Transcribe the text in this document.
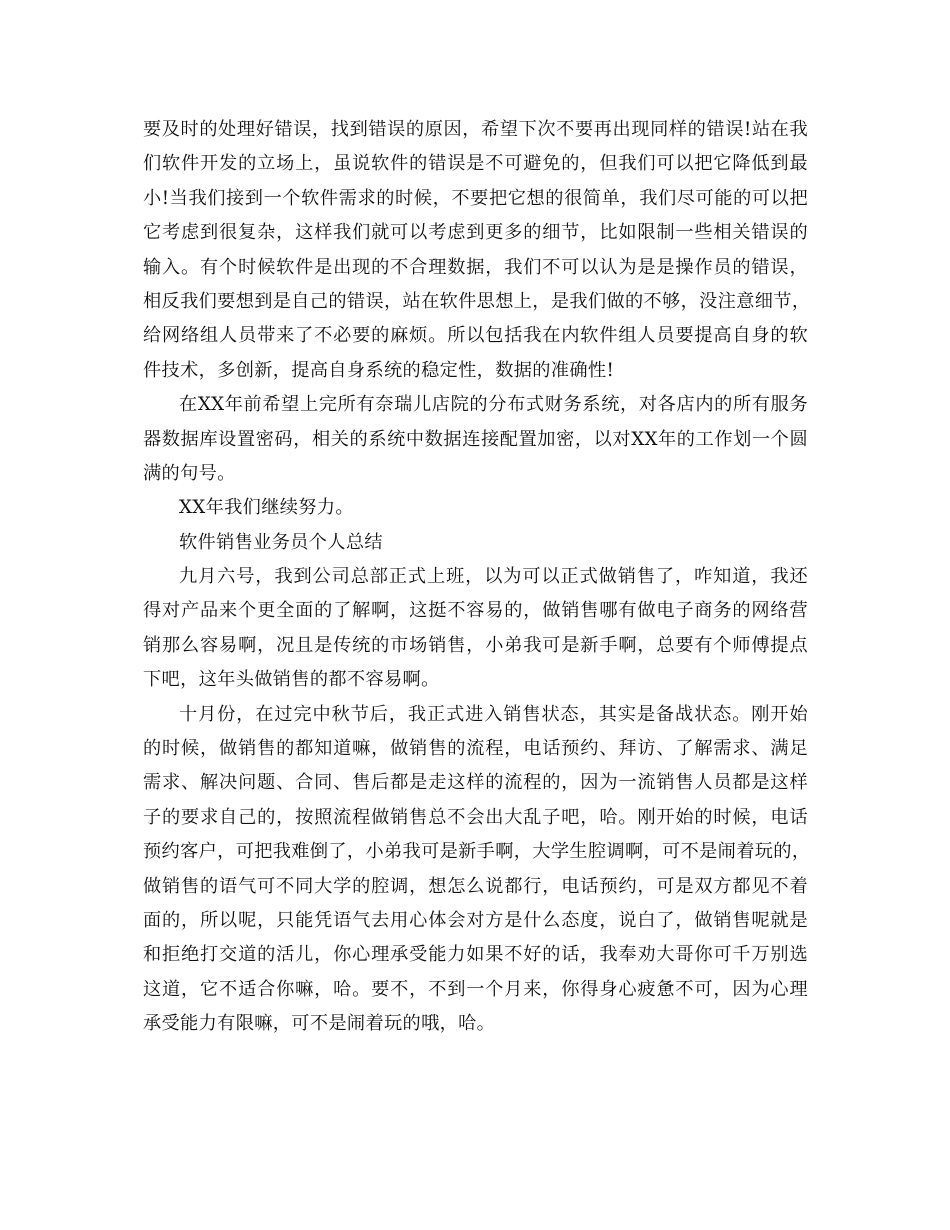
要及时的处理好错误，找到错误的原因，希望下次不要再出现同样的错误!站在我
们软件开发的立场上，虽说软件的错误是不可避免的，但我们可以把它降低到最
小!当我们接到一个软件需求的时候，不要把它想的很简单，我们尽可能的可以把
它考虑到很复杂，这样我们就可以考虑到更多的细节，比如限制一些相关错误的
输入。有个时候软件是出现的不合理数据，我们不可以认为是是操作员的错误，
相反我们要想到是自己的错误，站在软件思想上，是我们做的不够，没注意细节，
给网络组人员带来了不必要的麻烦。所以包括我在内软件组人员要提高自身的软
件技术，多创新，提高自身系统的稳定性，数据的准确性!
在XX年前希望上完所有奈瑞儿店院的分布式财务系统，对各店内的所有服务
器数据库设置密码，相关的系统中数据连接配置加密，以对XX年的工作划一个圆
满的句号。
XX年我们继续努力。
软件销售业务员个人总结
九月六号，我到公司总部正式上班，以为可以正式做销售了，咋知道，我还
得对产品来个更全面的了解啊，这挺不容易的，做销售哪有做电子商务的网络营
销那么容易啊，况且是传统的市场销售，小弟我可是新手啊，总要有个师傅提点
下吧，这年头做销售的都不容易啊。
十月份，在过完中秋节后，我正式进入销售状态，其实是备战状态。刚开始
的时候，做销售的都知道嘛，做销售的流程，电话预约、拜访、了解需求、满足
需求、解决问题、合同、售后都是走这样的流程的，因为一流销售人员都是这样
子的要求自己的，按照流程做销售总不会出大乱子吧，哈。刚开始的时候，电话
预约客户，可把我难倒了，小弟我可是新手啊，大学生腔调啊，可不是闹着玩的，
做销售的语气可不同大学的腔调，想怎么说都行，电话预约，可是双方都见不着
面的，所以呢，只能凭语气去用心体会对方是什么态度，说白了，做销售呢就是
和拒绝打交道的活儿，你心理承受能力如果不好的话，我奉劝大哥你可千万别选
这道，它不适合你嘛，哈。要不，不到一个月来，你得身心疲惫不可，因为心理
承受能力有限嘛，可不是闹着玩的哦，哈。
